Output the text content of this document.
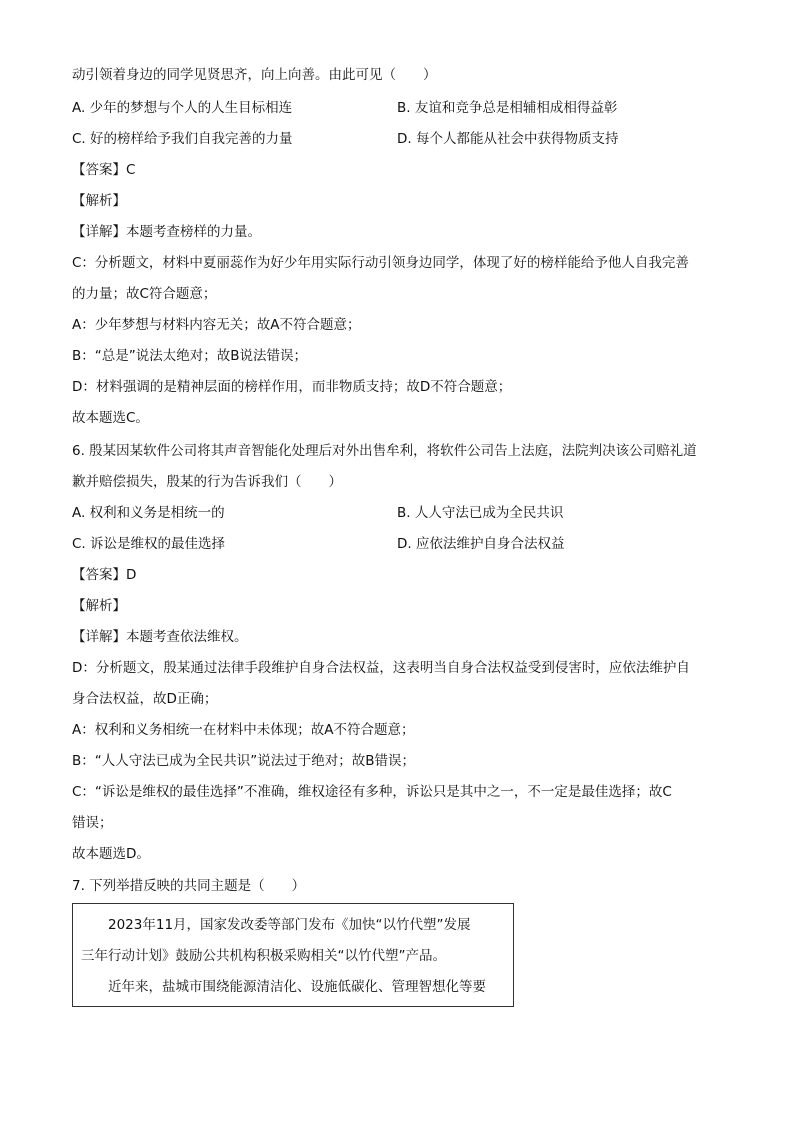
动引领着身边的同学见贤思齐，向上向善。由此可见（　　）
A. 少年的梦想与个人的人生目标相连	B. 友谊和竞争总是相辅相成相得益彰
C. 好的榜样给予我们自我完善的力量	D. 每个人都能从社会中获得物质支持
【答案】C
【解析】
【详解】本题考查榜样的力量。
C：分析题文，材料中夏丽蕊作为好少年用实际行动引领身边同学，体现了好的榜样能给予他人自我完善
的力量；故C符合题意；
A：少年梦想与材料内容无关；故A不符合题意；
B：“总是”说法太绝对；故B说法错误；
D：材料强调的是精神层面的榜样作用，而非物质支持；故D不符合题意；
故本题选C。
6. 殷某因某软件公司将其声音智能化处理后对外出售牟利，将软件公司告上法庭，法院判决该公司赔礼道
歉并赔偿损失，殷某的行为告诉我们（　　）
A. 权利和义务是相统一的	B. 人人守法已成为全民共识
C. 诉讼是维权的最佳选择	D. 应依法维护自身合法权益
【答案】D
【解析】
【详解】本题考查依法维权。
D：分析题文，殷某通过法律手段维护自身合法权益，这表明当自身合法权益受到侵害时，应依法维护自
身合法权益，故D正确；
A：权利和义务相统一在材料中未体现；故A不符合题意；
B：“人人守法已成为全民共识”说法过于绝对；故B错误；
C：“诉讼是维权的最佳选择”不准确，维权途径有多种，诉讼只是其中之一，不一定是最佳选择；故C
错误；
故本题选D。
7. 下列举措反映的共同主题是（　　）
2023年11月，国家发改委等部门发布《加快“以竹代塑”发展
三年行动计划》鼓励公共机构积极采购相关“以竹代塑”产品。
近年来，盐城市围绕能源清洁化、设施低碳化、管理智想化等要
